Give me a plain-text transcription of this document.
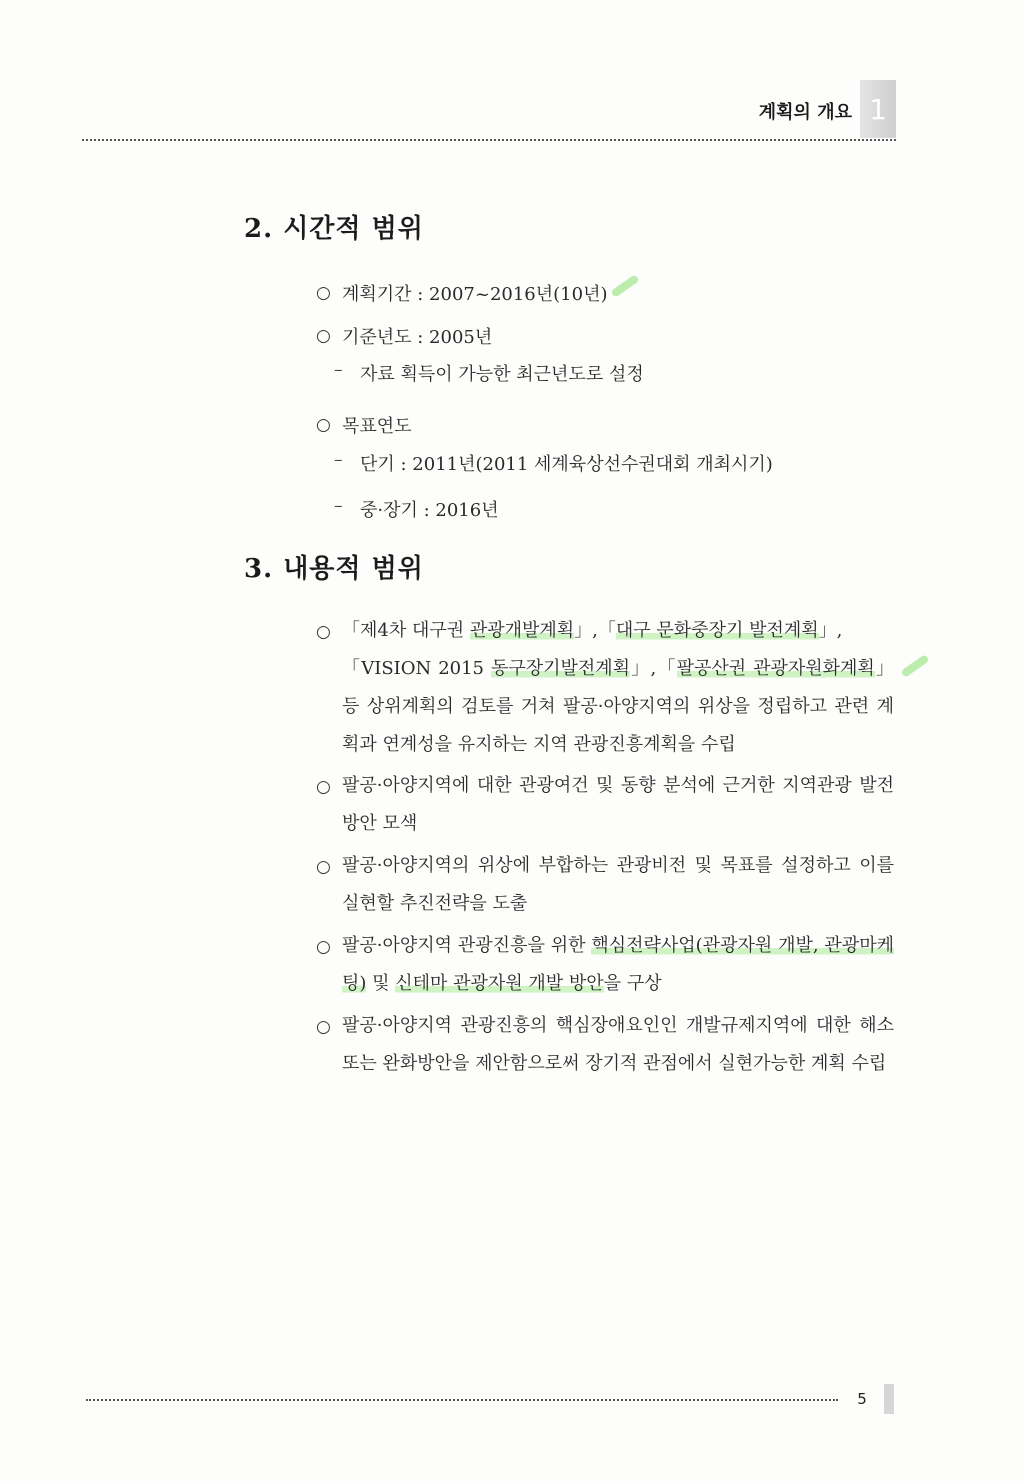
계획의 개요 1
2. 시간적 범위
○ 계획기간 : 2007~2016년(10년)
○ 기준년도 : 2005년
– 자료 획득이 가능한 최근년도로 설정
○ 목표연도
– 단기 : 2011년(2011 세계육상선수권대회 개최시기)
– 중·장기 : 2016년
3. 내용적 범위
○ 「제4차 대구권 관광개발계획」,「대구 문화중장기 발전계획」,
「VISION 2015 동구장기발전계획」,「팔공산권 관광자원화계획」 등 상위계획의 검토를 거쳐 팔공·아양지역의 위상을 정립하고 관련 계획과 연계성을 유지하는 지역 관광진흥계획을 수립
○ 팔공·아양지역에 대한 관광여건 및 동향 분석에 근거한 지역관광 발전방안 모색
○ 팔공·아양지역의 위상에 부합하는 관광비전 및 목표를 설정하고 이를 실현할 추진전략을 도출
○ 팔공·아양지역 관광진흥을 위한 핵심전략사업(관광자원 개발, 관광마케팅) 및 신테마 관광자원 개발 방안을 구상
○ 팔공·아양지역 관광진흥의 핵심장애요인인 개발규제지역에 대한 해소 또는 완화방안을 제안함으로써 장기적 관점에서 실현가능한 계획 수립
5
